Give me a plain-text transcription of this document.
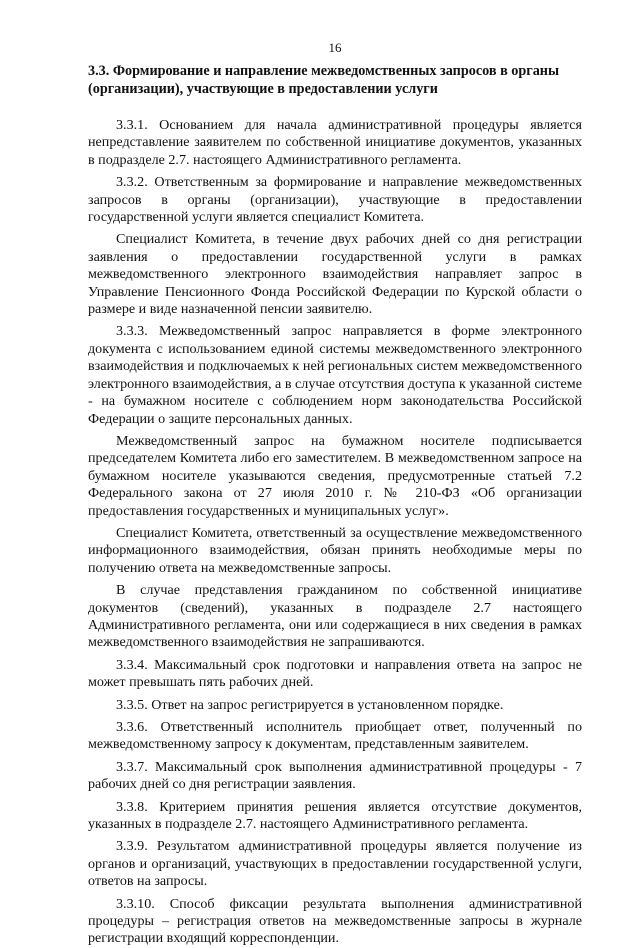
16
3.3. Формирование и направление межведомственных запросов в органы (организации), участвующие в предоставлении услуги

3.3.1. Основанием для начала административной процедуры является непредставление заявителем по собственной инициативе документов, указанных в подразделе 2.7. настоящего Административного регламента.

3.3.2. Ответственным за формирование и направление межведомственных запросов в органы (организации), участвующие в предоставлении государственной услуги является специалист Комитета.

Специалист Комитета, в течение двух рабочих дней со дня регистрации заявления о предоставлении государственной услуги в рамках межведомственного электронного взаимодействия направляет запрос в Управление Пенсионного Фонда Российской Федерации по Курской области о размере и виде назначенной пенсии заявителю.

3.3.3. Межведомственный запрос направляется в форме электронного документа с использованием единой системы межведомственного электронного взаимодействия и подключаемых к ней региональных систем межведомственного электронного взаимодействия, а в случае отсутствия доступа к указанной системе - на бумажном носителе с соблюдением норм законодательства Российской Федерации о защите персональных данных.

Межведомственный запрос на бумажном носителе подписывается председателем Комитета либо его заместителем. В межведомственном запросе на бумажном носителе указываются сведения, предусмотренные статьей 7.2 Федерального закона от 27 июля 2010 г. № 210-ФЗ «Об организации предоставления государственных и муниципальных услуг».

Специалист Комитета, ответственный за осуществление межведомственного информационного взаимодействия, обязан принять необходимые меры по получению ответа на межведомственные запросы.

В случае представления гражданином по собственной инициативе документов (сведений), указанных в подразделе 2.7 настоящего Административного регламента, они или содержащиеся в них сведения в рамках межведомственного взаимодействия не запрашиваются.

3.3.4. Максимальный срок подготовки и направления ответа на запрос не может превышать пять рабочих дней.

3.3.5. Ответ на запрос регистрируется в установленном порядке.

3.3.6. Ответственный исполнитель приобщает ответ, полученный по межведомственному запросу к документам, представленным заявителем.

3.3.7. Максимальный срок выполнения административной процедуры - 7 рабочих дней со дня регистрации заявления.

3.3.8. Критерием принятия решения является отсутствие документов, указанных в подразделе 2.7. настоящего Административного регламента.

3.3.9. Результатом административной процедуры является получение из органов и организаций, участвующих в предоставлении государственной услуги, ответов на запросы.

3.3.10. Способ фиксации результата выполнения административной процедуры – регистрация ответов на межведомственные запросы в журнале регистрации входящий корреспонденции.
